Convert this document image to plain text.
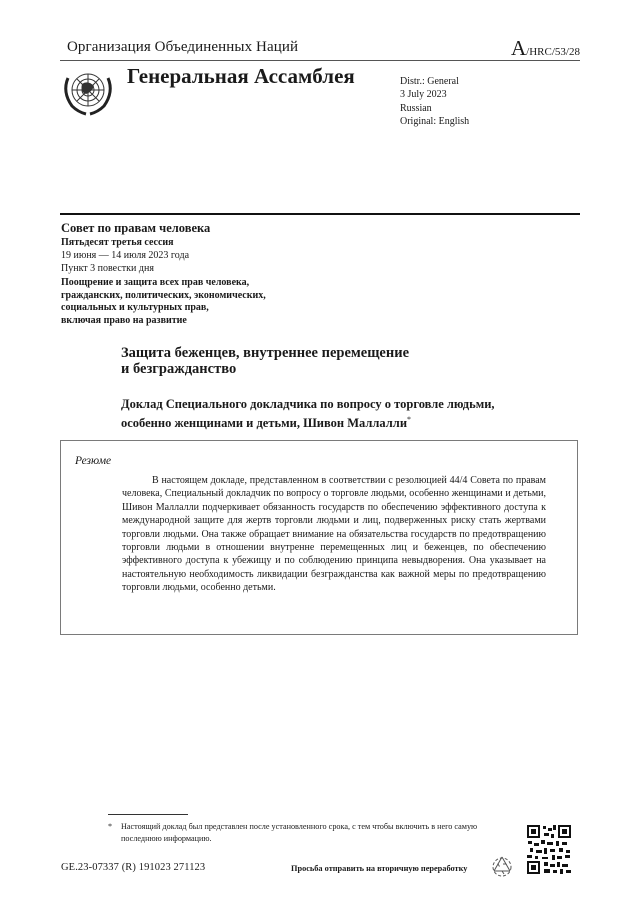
Организация Объединенных Наций	A/HRC/53/28
Генеральная Ассамблея	Distr.: General
3 July 2023
Russian
Original: English
Совет по правам человека
Пятьдесят третья сессия
19 июня — 14 июля 2023 года
Пункт 3 повестки дня
Поощрение и защита всех прав человека,
гражданских, политических, экономических,
социальных и культурных прав,
включая право на развитие
Защита беженцев, внутреннее перемещение
и безгражданство
Доклад Специального докладчика по вопросу о торговле людьми,
особенно женщинами и детьми, Шивон Маллалли*
Резюме

В настоящем докладе, представленном в соответствии с резолюцией 44/4 Совета по правам человека, Специальный докладчик по вопросу о торговле людьми, особенно женщинами и детьми, Шивон Маллалли подчеркивает обязанность государств по обеспечению эффективного доступа к международной защите для жертв торговли людьми и лиц, подверженных риску стать жертвами торговли людьми. Она также обращает внимание на обязательства государств по предотвращению торговли людьми в отношении внутренне перемещенных лиц и беженцев, по обеспечению эффективного доступа к убежищу и по соблюдению принципа невыдворения. Она указывает на настоятельную необходимость ликвидации безгражданства как важной меры по предотвращению торговли людьми, особенно детьми.

* Настоящий доклад был представлен после установленного срока, с тем чтобы включить в него самую последнюю информацию.
GE.23-07337 (R) 191023 271123	Просьба отправить на вторичную переработку
